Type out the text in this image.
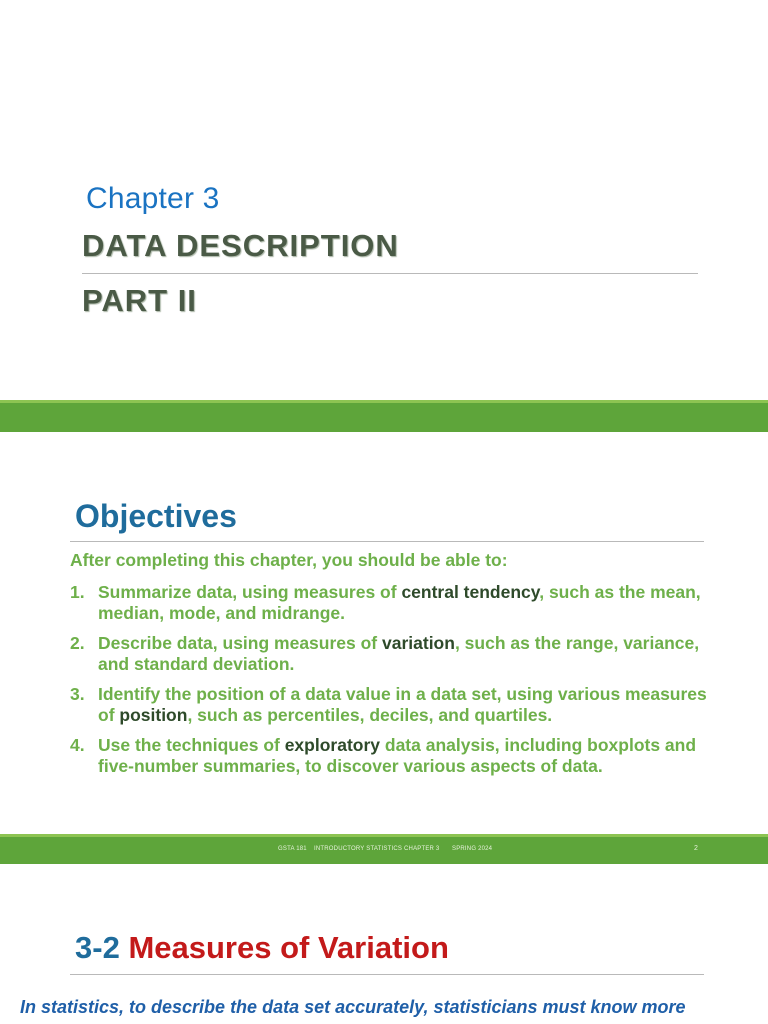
Chapter 3
DATA DESCRIPTION
PART II
Objectives
After completing this chapter, you should be able to:
1. Summarize data, using measures of central tendency, such as the mean, median, mode, and midrange.
2. Describe data, using measures of variation, such as the range, variance, and standard deviation.
3. Identify the position of a data value in a data set, using various measures of position, such as percentiles, deciles, and quartiles.
4. Use the techniques of exploratory data analysis, including boxplots and five-number summaries, to discover various aspects of data.
GSTA 181 INTRODUCTORY STATISTICS CHAPTER 3 SPRING 2024	2
3-2 Measures of Variation
In statistics, to describe the data set accurately, statisticians must know more
